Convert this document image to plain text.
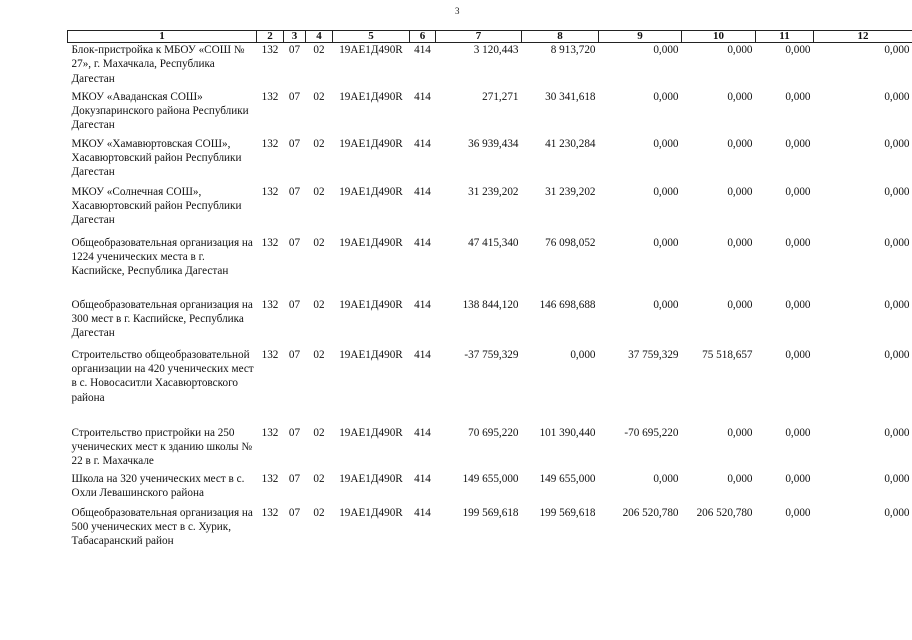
3
1	2	3	4	5	6	7	8	9	10	11	12
Блок-пристройка к МБОУ «СОШ № 27», г. Махачкала, Республика Дагестан	132	07	02	19АЕ1Д490R	414	3 120,443	8 913,720	0,000	0,000	0,000	0,000
МКОУ «Аваданская СОШ» Докузпаринского района Республики Дагестан	132	07	02	19АЕ1Д490R	414	271,271	30 341,618	0,000	0,000	0,000	0,000
МКОУ «Хамавюртовская СОШ», Хасавюртовский район Республики Дагестан	132	07	02	19АЕ1Д490R	414	36 939,434	41 230,284	0,000	0,000	0,000	0,000
МКОУ «Солнечная СОШ», Хасавюртовский район Республики Дагестан	132	07	02	19АЕ1Д490R	414	31 239,202	31 239,202	0,000	0,000	0,000	0,000
Общеобразовательная организация на 1224 ученических места в г. Каспийске, Республика Дагестан	132	07	02	19АЕ1Д490R	414	47 415,340	76 098,052	0,000	0,000	0,000	0,000
Общеобразовательная организация на 300 мест в г. Каспийске, Республика Дагестан	132	07	02	19АЕ1Д490R	414	138 844,120	146 698,688	0,000	0,000	0,000	0,000
Строительство общеобразовательной организации на 420 ученических мест в с. Новосаситли Хасавюртовского района	132	07	02	19АЕ1Д490R	414	-37 759,329	0,000	37 759,329	75 518,657	0,000	0,000
Строительство пристройки на 250 ученических мест к зданию школы № 22 в г. Махачкале	132	07	02	19АЕ1Д490R	414	70 695,220	101 390,440	-70 695,220	0,000	0,000	0,000
Школа на 320 ученических мест в с. Охли Левашинского района	132	07	02	19АЕ1Д490R	414	149 655,000	149 655,000	0,000	0,000	0,000	0,000
Общеобразовательная организация на 500 ученических мест в с. Хурик, Табасаранский район	132	07	02	19АЕ1Д490R	414	199 569,618	199 569,618	206 520,780	206 520,780	0,000	0,000
